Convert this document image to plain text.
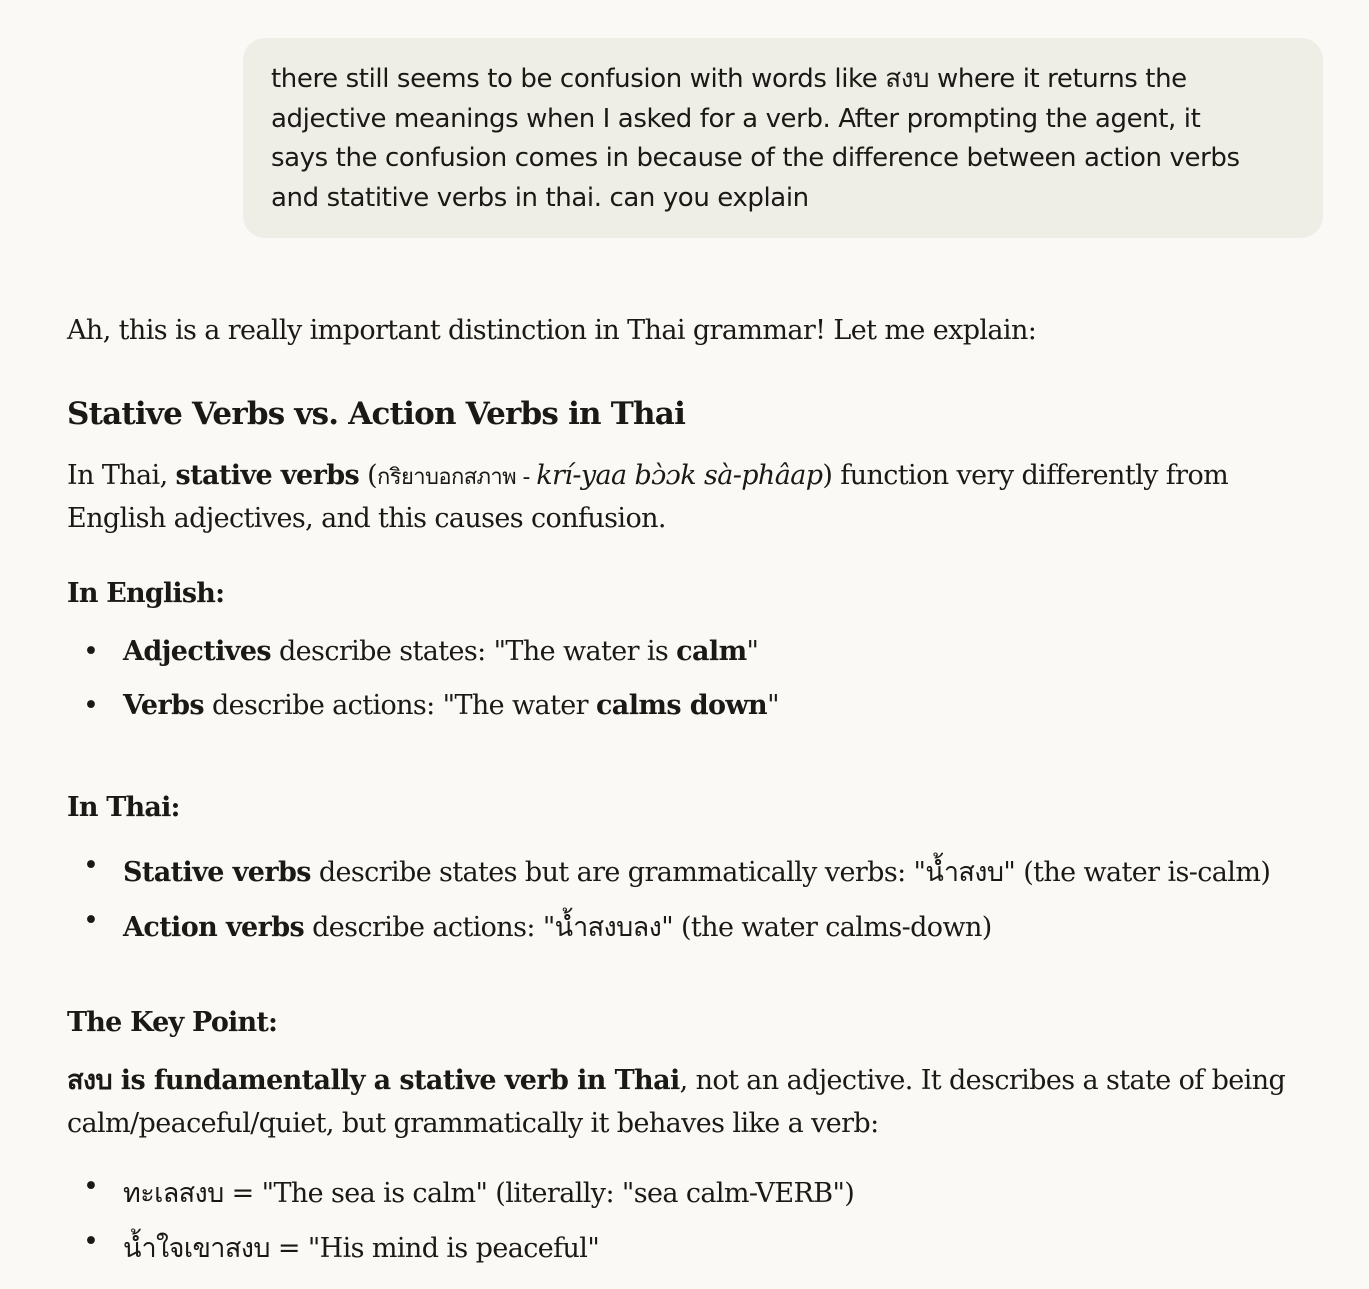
there still seems to be confusion with words like สงบ where it returns the
adjective meanings when I asked for a verb. After prompting the agent, it
says the confusion comes in because of the difference between action verbs
and statitive verbs in thai. can you explain
Ah, this is a really important distinction in Thai grammar! Let me explain:
Stative Verbs vs. Action Verbs in Thai
In Thai, stative verbs (กริยาบอกสภาพ - krí-yaa bɔ̀ɔk sà-phâap) function very differently from
English adjectives, and this causes confusion.
In English:
• Adjectives describe states: "The water is calm"
• Verbs describe actions: "The water calms down"
In Thai:
• Stative verbs describe states but are grammatically verbs: "น้ำสงบ" (the water is-calm)
• Action verbs describe actions: "น้ำสงบลง" (the water calms-down)
The Key Point:
สงบ is fundamentally a stative verb in Thai, not an adjective. It describes a state of being
calm/peaceful/quiet, but grammatically it behaves like a verb:
• ทะเลสงบ = "The sea is calm" (literally: "sea calm-VERB")
• น้ำใจเขาสงบ = "His mind is peaceful"
